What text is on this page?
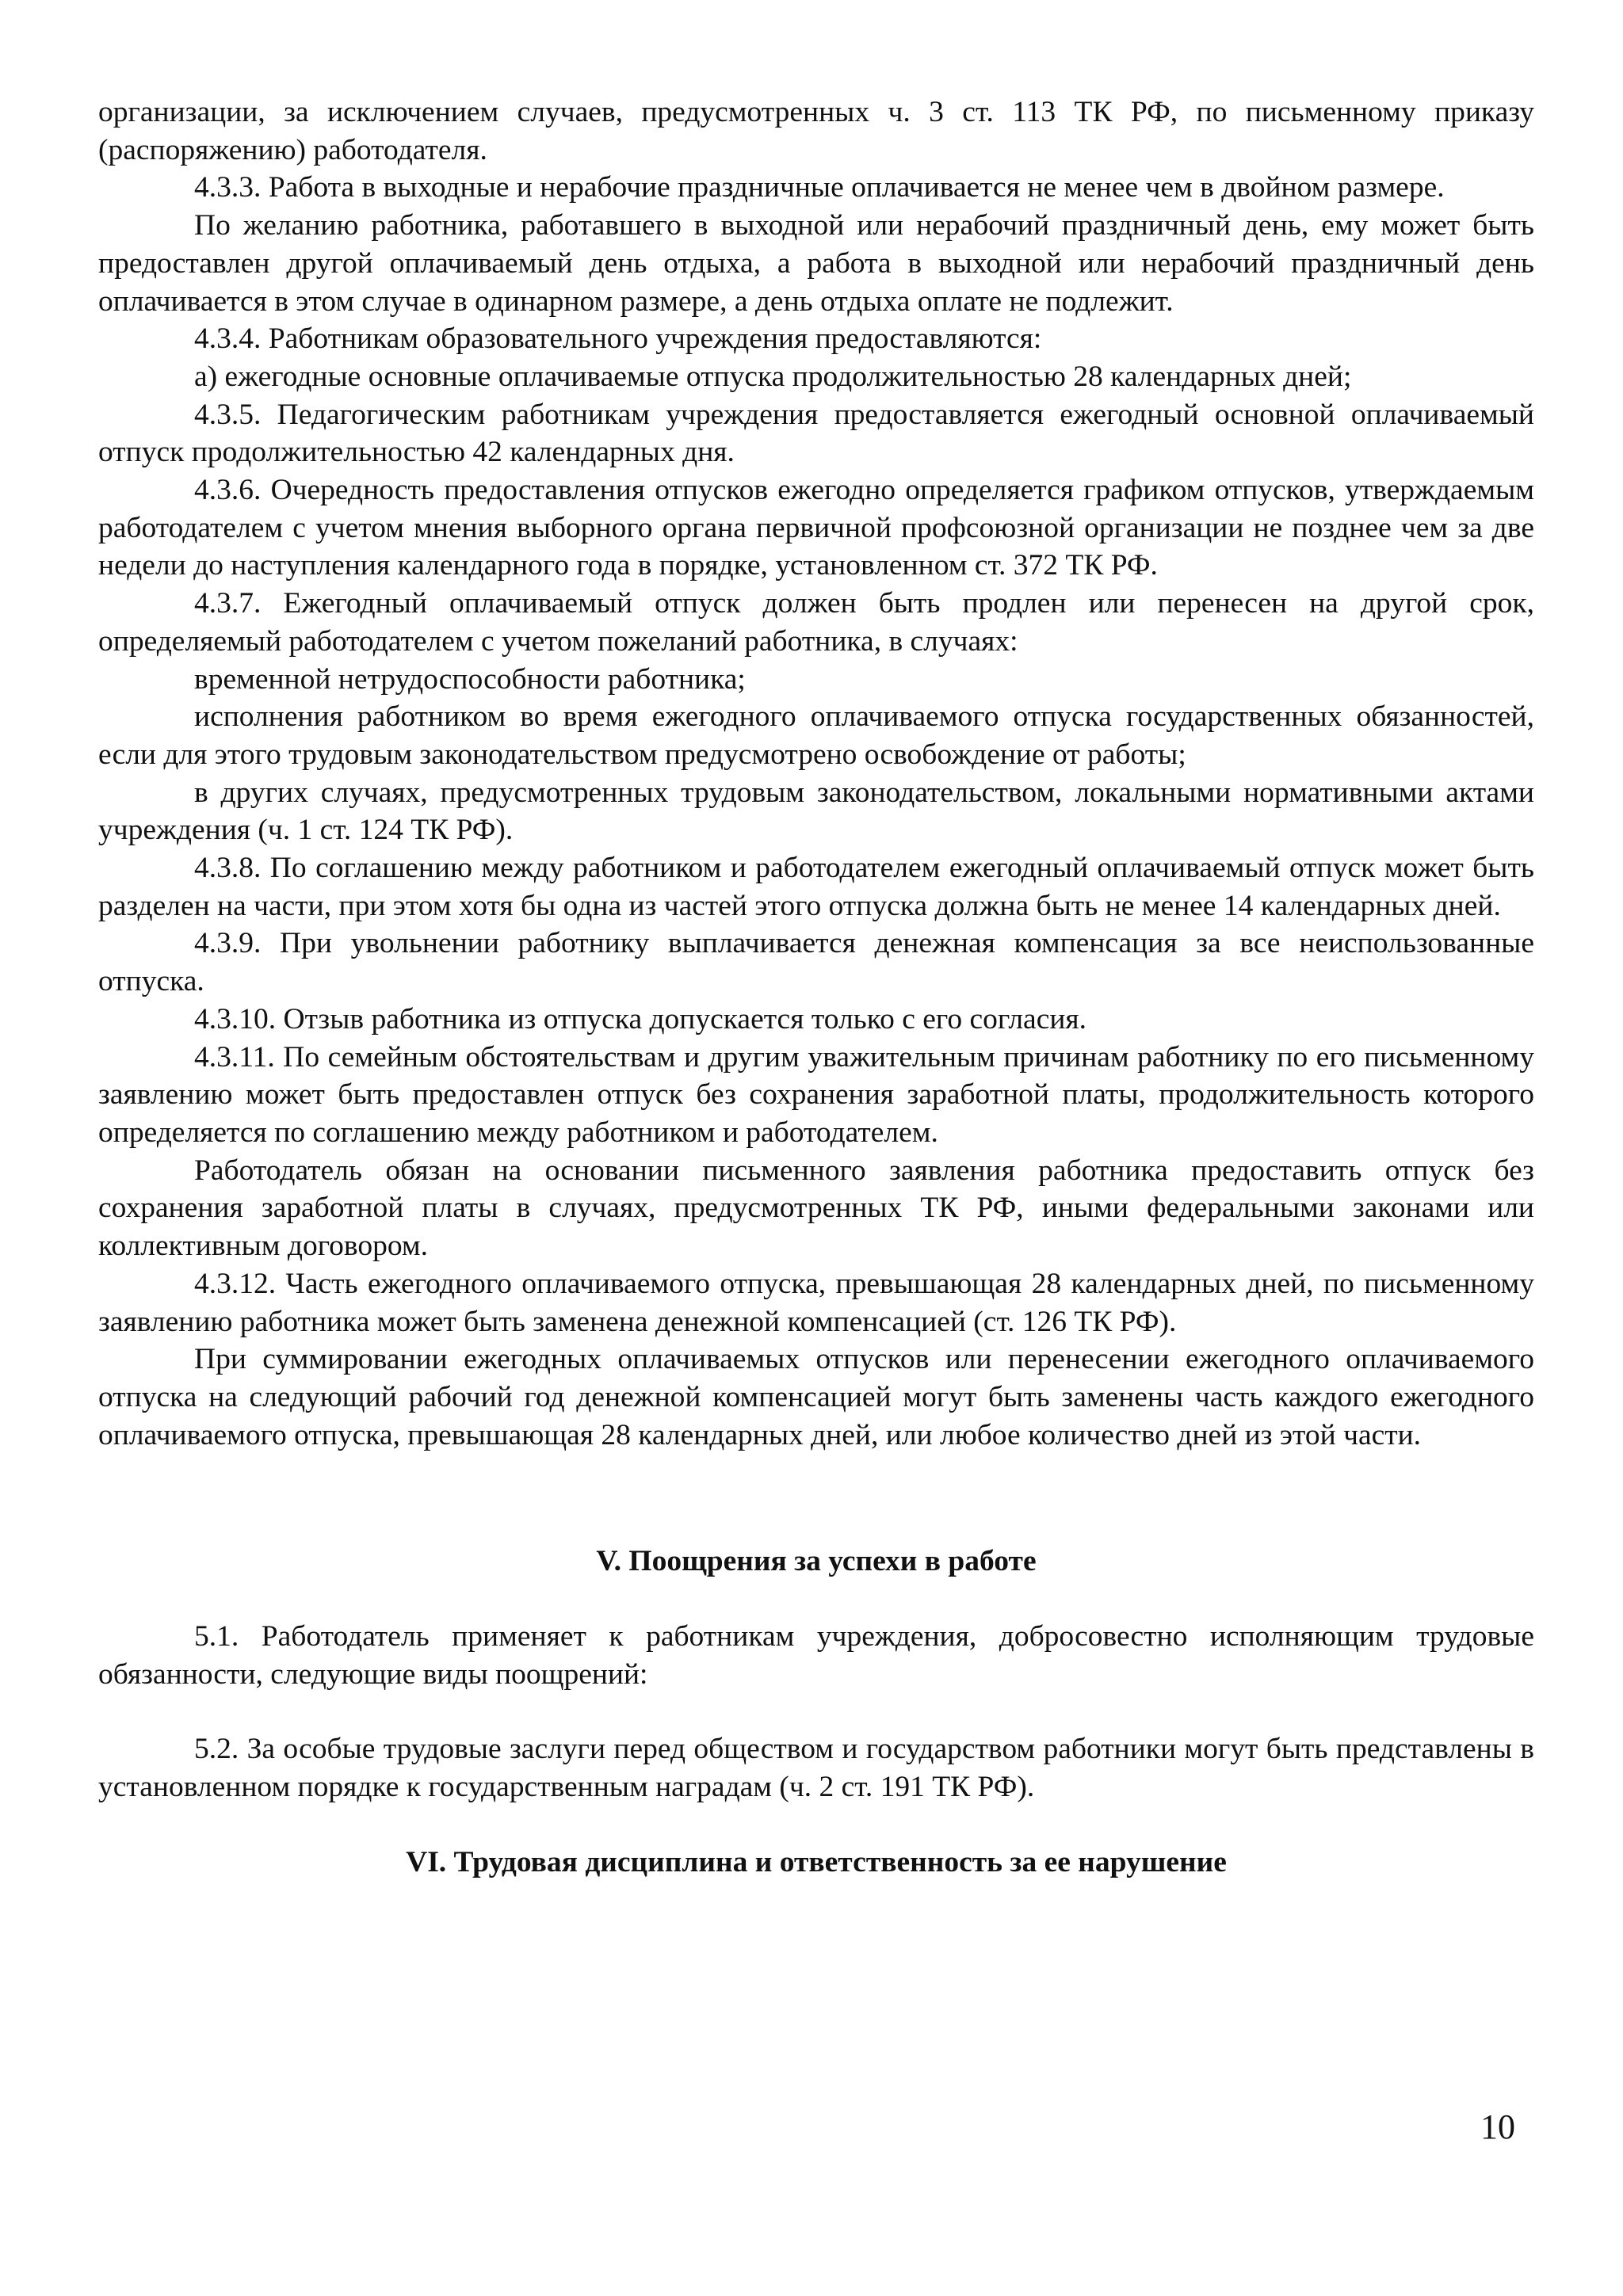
организации, за исключением случаев, предусмотренных ч. 3 ст. 113 ТК РФ, по письменному приказу (распоряжению) работодателя.

4.3.3. Работа в выходные и нерабочие праздничные оплачивается не менее чем в двойном размере.

По желанию работника, работавшего в выходной или нерабочий праздничный день, ему может быть предоставлен другой оплачиваемый день отдыха, а работа в выходной или нерабочий праздничный день оплачивается в этом случае в одинарном размере, а день отдыха оплате не подлежит.

4.3.4. Работникам образовательного учреждения предоставляются:

а) ежегодные основные оплачиваемые отпуска продолжительностью 28 календарных дней;

4.3.5. Педагогическим работникам учреждения предоставляется ежегодный основной оплачиваемый отпуск продолжительностью 42 календарных дня.

4.3.6. Очередность предоставления отпусков ежегодно определяется графиком отпусков, утверждаемым работодателем с учетом мнения выборного органа первичной профсоюзной организации не позднее чем за две недели до наступления календарного года в порядке, установленном ст. 372 ТК РФ.

4.3.7. Ежегодный оплачиваемый отпуск должен быть продлен или перенесен на другой срок, определяемый работодателем с учетом пожеланий работника, в случаях:

временной нетрудоспособности работника;

исполнения работником во время ежегодного оплачиваемого отпуска государственных обязанностей, если для этого трудовым законодательством предусмотрено освобождение от работы;

в других случаях, предусмотренных трудовым законодательством, локальными нормативными актами учреждения (ч. 1 ст. 124 ТК РФ).

4.3.8. По соглашению между работником и работодателем ежегодный оплачиваемый отпуск может быть разделен на части, при этом хотя бы одна из частей этого отпуска должна быть не менее 14 календарных дней.

4.3.9. При увольнении работнику выплачивается денежная компенсация за все неиспользованные отпуска.

4.3.10. Отзыв работника из отпуска допускается только с его согласия.

4.3.11. По семейным обстоятельствам и другим уважительным причинам работнику по его письменному заявлению может быть предоставлен отпуск без сохранения заработной платы, продолжительность которого определяется по соглашению между работником и работодателем.

Работодатель обязан на основании письменного заявления работника предоставить отпуск без сохранения заработной платы в случаях, предусмотренных ТК РФ, иными федеральными законами или коллективным договором.

4.3.12. Часть ежегодного оплачиваемого отпуска, превышающая 28 календарных дней, по письменному заявлению работника может быть заменена денежной компенсацией (ст. 126 ТК РФ).

При суммировании ежегодных оплачиваемых отпусков или перенесении ежегодного оплачиваемого отпуска на следующий рабочий год денежной компенсацией могут быть заменены часть каждого ежегодного оплачиваемого отпуска, превышающая 28 календарных дней, или любое количество дней из этой части.

V. Поощрения за успехи в работе

5.1. Работодатель применяет к работникам учреждения, добросовестно исполняющим трудовые обязанности, следующие виды поощрений:

5.2. За особые трудовые заслуги перед обществом и государством работники могут быть представлены в установленном порядке к государственным наградам (ч. 2 ст. 191 ТК РФ).

VI. Трудовая дисциплина и ответственность за ее нарушение

10
